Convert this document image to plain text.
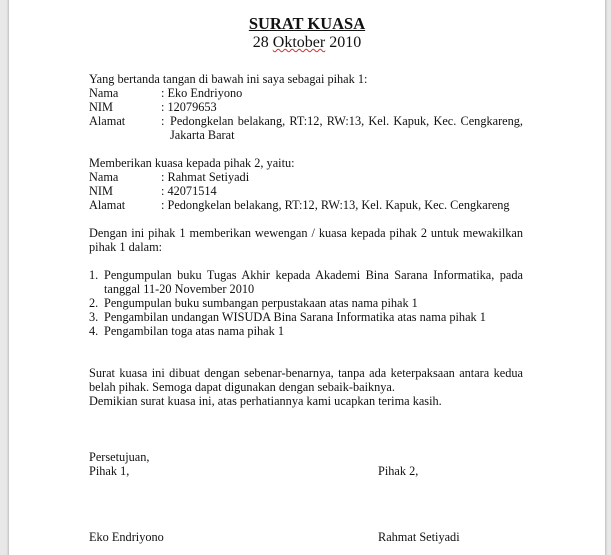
SURAT KUASA
28 Oktober 2010
Yang bertanda tangan di bawah ini saya sebagai pihak 1:
Nama	: Eko Endriyono
NIM	: 12079653
Alamat	: Pedongkelan belakang, RT:12, RW:13, Kel. Kapuk, Kec. Cengkareng,
Jakarta Barat
Memberikan kuasa kepada pihak 2, yaitu:
Nama	: Rahmat Setiyadi
NIM	: 42071514
Alamat	: Pedongkelan belakang, RT:12, RW:13, Kel. Kapuk, Kec. Cengkareng
Dengan ini pihak 1 memberikan wewengan / kuasa kepada pihak 2 untuk mewakilkan
pihak 1 dalam:
1. Pengumpulan buku Tugas Akhir kepada Akademi Bina Sarana Informatika, pada
tanggal 11-20 November 2010
2. Pengumpulan buku sumbangan perpustakaan atas nama pihak 1
3. Pengambilan undangan WISUDA Bina Sarana Informatika atas nama pihak 1
4. Pengambilan toga atas nama pihak 1
Surat kuasa ini dibuat dengan sebenar-benarnya, tanpa ada keterpaksaan antara kedua
belah pihak. Semoga dapat digunakan dengan sebaik-baiknya.
Demikian surat kuasa ini, atas perhatiannya kami ucapkan terima kasih.
Persetujuan,
Pihak 1,	Pihak 2,
Eko Endriyono	Rahmat Setiyadi
